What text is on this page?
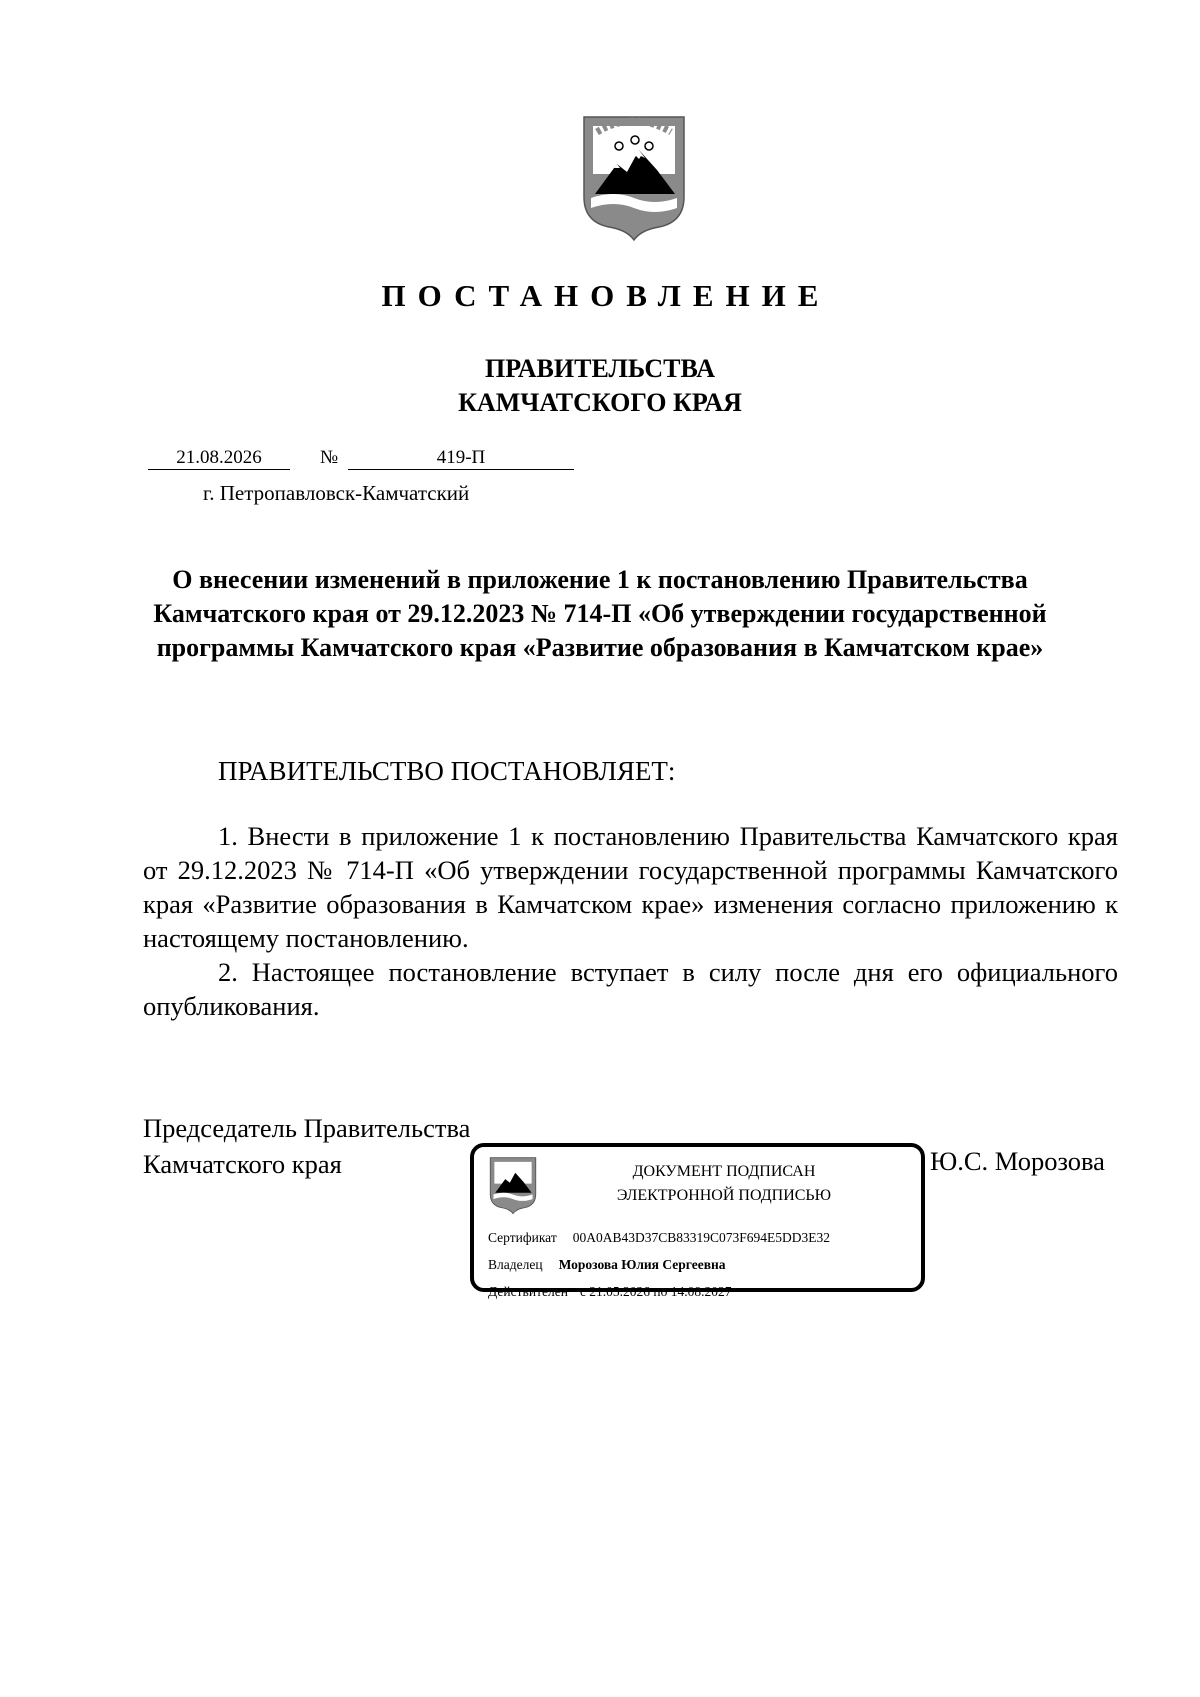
ПОСТАНОВЛЕНИЕ
ПРАВИТЕЛЬСТВА
КАМЧАТСКОГО КРАЯ
21.08.2026	№	419-П
г. Петропавловск-Камчатский
О внесении изменений в приложение 1 к постановлению Правительства Камчатского края от 29.12.2023 № 714-П «Об утверждении государственной программы Камчатского края «Развитие образования в Камчатском крае»
ПРАВИТЕЛЬСТВО ПОСТАНОВЛЯЕТ:

1. Внести в приложение 1 к постановлению Правительства Камчатского края от 29.12.2023 № 714-П «Об утверждении государственной программы Камчатского края «Развитие образования в Камчатском крае» изменения согласно приложению к настоящему постановлению.

2. Настоящее постановление вступает в силу после дня его официального опубликования.

Председатель Правительства
Камчатского края	Ю.С. Морозова
ДОКУМЕНТ ПОДПИСАН
ЭЛЕКТРОННОЙ ПОДПИСЬЮ
Сертификат 00A0AB43D37CB83319C073F694E5DD3E32
Владелец Морозова Юлия Сергеевна
Действителен с 21.05.2026 по 14.08.2027
